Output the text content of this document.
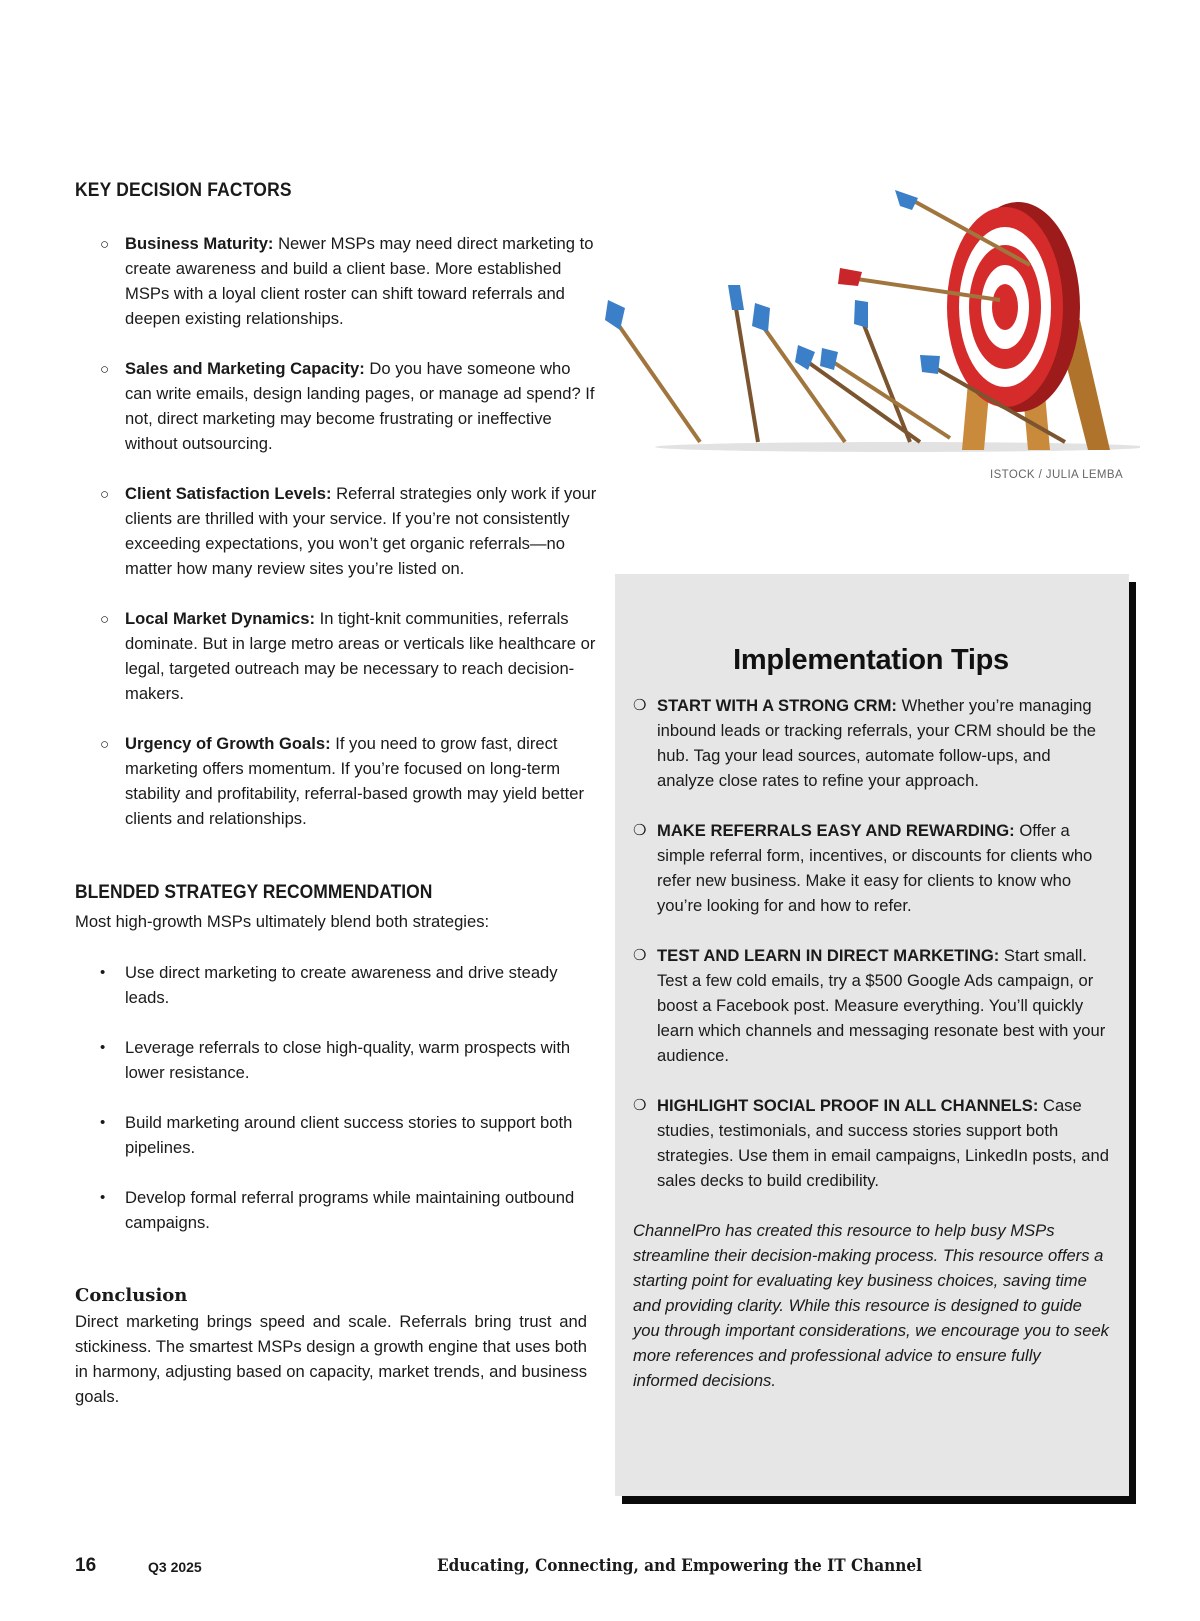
KEY DECISION FACTORS
○ Business Maturity: Newer MSPs may need direct marketing to create awareness and build a client base. More established MSPs with a loyal client roster can shift toward referrals and deepen existing relationships.
○ Sales and Marketing Capacity: Do you have someone who can write emails, design landing pages, or manage ad spend? If not, direct marketing may become frustrating or ineffective without outsourcing.
○ Client Satisfaction Levels: Referral strategies only work if your clients are thrilled with your service. If you’re not consistently exceeding expectations, you won’t get organic referrals—no matter how many review sites you’re listed on.
○ Local Market Dynamics: In tight-knit communities, referrals dominate. But in large metro areas or verticals like healthcare or legal, targeted outreach may be necessary to reach decision-makers.
○ Urgency of Growth Goals: If you need to grow fast, direct marketing offers momentum. If you’re focused on long-term stability and profitability, referral-based growth may yield better clients and relationships.
BLENDED STRATEGY RECOMMENDATION
Most high-growth MSPs ultimately blend both strategies:
•	Use direct marketing to create awareness and drive steady leads.
•	Leverage referrals to close high-quality, warm prospects with lower resistance.
•	Build marketing around client success stories to support both pipelines.
•	Develop formal referral programs while maintaining outbound campaigns.
Conclusion
Direct marketing brings speed and scale. Referrals bring trust and stickiness. The smartest MSPs design a growth engine that uses both in harmony, adjusting based on capacity, market trends, and business goals.
ISTOCK / JULIA LEMBA
Implementation Tips
❍ START WITH A STRONG CRM: Whether you’re managing inbound leads or tracking referrals, your CRM should be the hub. Tag your lead sources, automate follow-ups, and analyze close rates to refine your approach.
❍ MAKE REFERRALS EASY AND REWARDING: Offer a simple referral form, incentives, or discounts for clients who refer new business. Make it easy for clients to know who you’re looking for and how to refer.
❍ TEST AND LEARN IN DIRECT MARKETING: Start small. Test a few cold emails, try a $500 Google Ads campaign, or boost a Facebook post. Measure everything. You’ll quickly learn which channels and messaging resonate best with your audience.
❍ HIGHLIGHT SOCIAL PROOF IN ALL CHANNELS: Case studies, testimonials, and success stories support both strategies. Use them in email campaigns, LinkedIn posts, and sales decks to build credibility.
ChannelPro has created this resource to help busy MSPs streamline their decision-making process. This resource offers a starting point for evaluating key business choices, saving time and providing clarity. While this resource is designed to guide you through important considerations, we encourage you to seek more references and professional advice to ensure fully informed decisions.
16	Q3 2025	Educating, Connecting, and Empowering the IT Channel
